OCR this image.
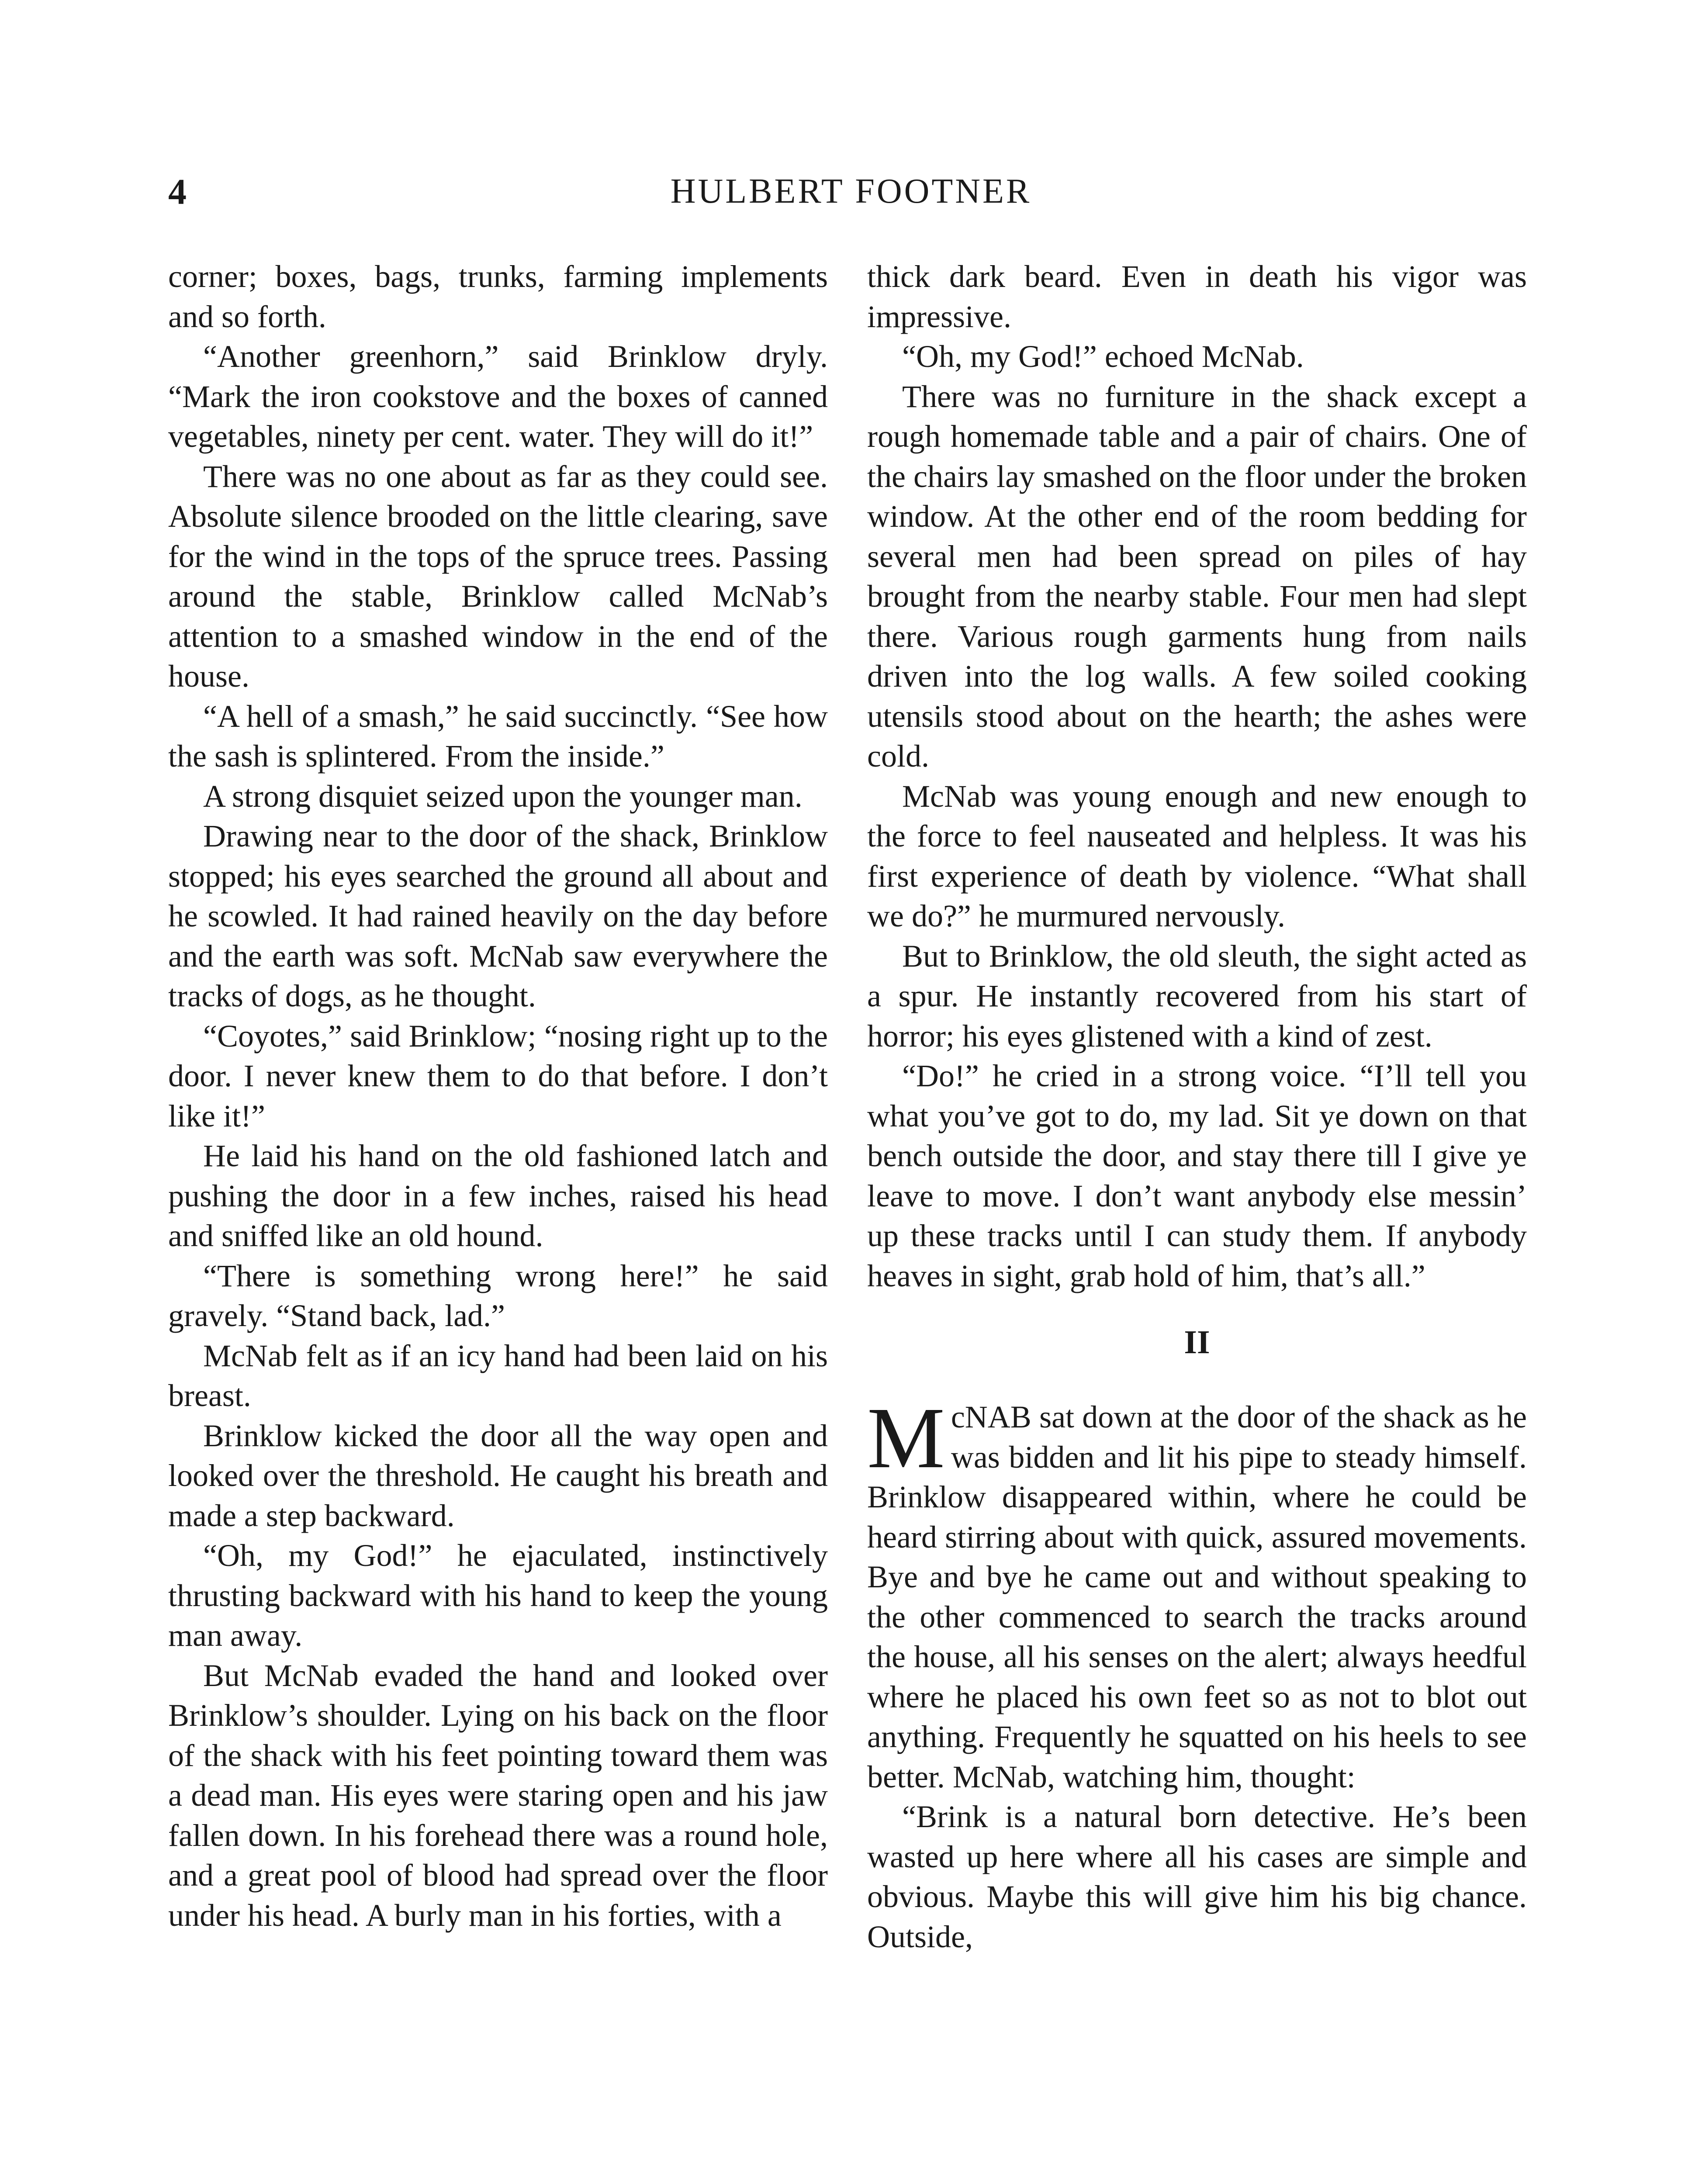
4	HULBERT FOOTNER

corner; boxes, bags, trunks, farming implements and so forth.

“Another greenhorn,” said Brinklow dryly. “Mark the iron cookstove and the boxes of canned vegetables, ninety per cent. water. They will do it!”

There was no one about as far as they could see. Absolute silence brooded on the little clearing, save for the wind in the tops of the spruce trees. Passing around the stable, Brinklow called McNab’s attention to a smashed window in the end of the house.

“A hell of a smash,” he said succinctly. “See how the sash is splintered. From the inside.”

A strong disquiet seized upon the younger man.

Drawing near to the door of the shack, Brinklow stopped; his eyes searched the ground all about and he scowled. It had rained heavily on the day before and the earth was soft. McNab saw everywhere the tracks of dogs, as he thought.

“Coyotes,” said Brinklow; “nosing right up to the door. I never knew them to do that before. I don’t like it!”

He laid his hand on the old fashioned latch and pushing the door in a few inches, raised his head and sniffed like an old hound.

“There is something wrong here!” he said gravely. “Stand back, lad.”

McNab felt as if an icy hand had been laid on his breast.

Brinklow kicked the door all the way open and looked over the threshold. He caught his breath and made a step backward.

“Oh, my God!” he ejaculated, instinctively thrusting backward with his hand to keep the young man away.

But McNab evaded the hand and looked over Brinklow’s shoulder. Lying on his back on the floor of the shack with his feet pointing toward them was a dead man. His eyes were staring open and his jaw fallen down. In his forehead there was a round hole, and a great pool of blood had spread over the floor under his head. A burly man in his forties, with a

thick dark beard. Even in death his vigor was impressive.

“Oh, my God!” echoed McNab.

There was no furniture in the shack except a rough homemade table and a pair of chairs. One of the chairs lay smashed on the floor under the broken window. At the other end of the room bedding for several men had been spread on piles of hay brought from the nearby stable. Four men had slept there. Various rough garments hung from nails driven into the log walls. A few soiled cooking utensils stood about on the hearth; the ashes were cold.

McNab was young enough and new enough to the force to feel nauseated and helpless. It was his first experience of death by violence. “What shall we do?” he murmured nervously.

But to Brinklow, the old sleuth, the sight acted as a spur. He instantly recovered from his start of horror; his eyes glistened with a kind of zest.

“Do!” he cried in a strong voice. “I’ll tell you what you’ve got to do, my lad. Sit ye down on that bench outside the door, and stay there till I give ye leave to move. I don’t want anybody else messin’ up these tracks until I can study them. If anybody heaves in sight, grab hold of him, that’s all.”

II

McNAB sat down at the door of the shack as he was bidden and lit his pipe to steady himself. Brinklow disappeared within, where he could be heard stirring about with quick, assured movements. Bye and bye he came out and without speaking to the other commenced to search the tracks around the house, all his senses on the alert; always heedful where he placed his own feet so as not to blot out anything. Frequently he squatted on his heels to see better. McNab, watching him, thought:

“Brink is a natural born detective. He’s been wasted up here where all his cases are simple and obvious. Maybe this will give him his big chance. Outside,
